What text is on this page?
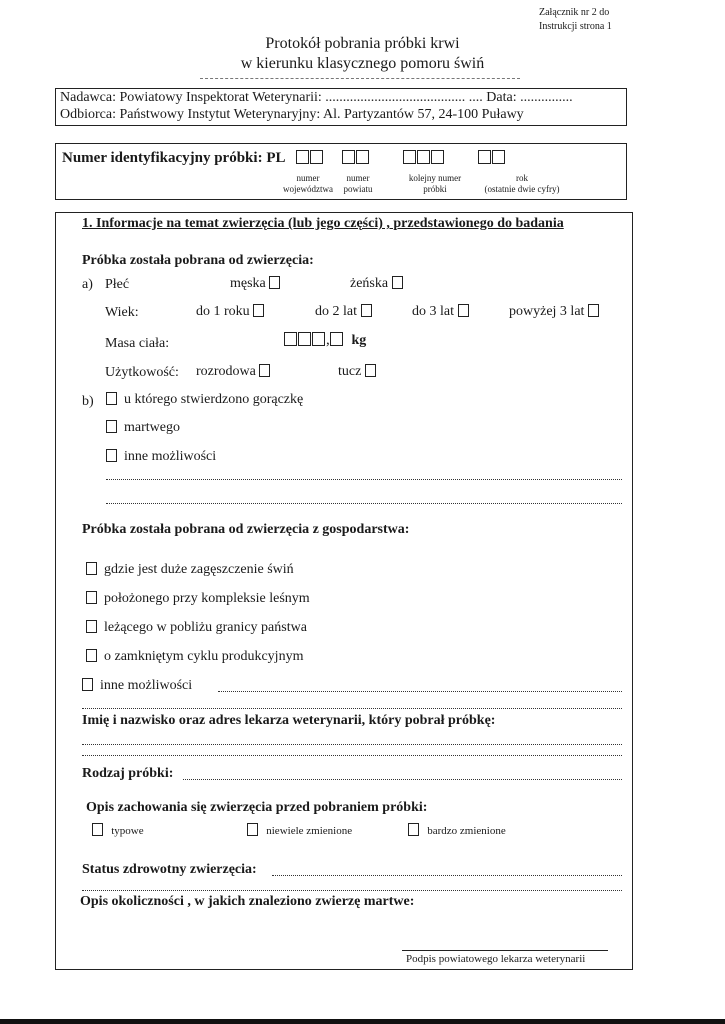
Załącznik nr 2 do
Instrukcji strona 1
Protokół pobrania próbki krwi
w kierunku klasycznego pomoru świń
Nadawca: Powiatowy Inspektorat Weterynarii: ........................................ .... Data: ...............
Odbiorca: Państwowy Instytut Weterynaryjny: Al. Partyzantów 57, 24-100 Puławy
Numer identyfikacyjny próbki: PL
numer
województwa
numer
powiatu
kolejny numer
próbki
rok
(ostatnie dwie cyfry)
1. Informacje na temat zwierzęcia (lub jego części) , przedstawionego do badania
Próbka została pobrana od zwierzęcia:
a) Płeć	męska	żeńska
Wiek:	do 1 roku	do 2 lat	do 3 lat	powyżej 3 lat
Masa ciała:	, kg
Użytkowość: rozrodowa	tucz
b)	u którego stwierdzono gorączkę
martwego
inne możliwości
Próbka została pobrana od zwierzęcia z gospodarstwa:
gdzie jest duże zagęszczenie świń
położonego przy kompleksie leśnym
leżącego w pobliżu granicy państwa
o zamkniętym cyklu produkcyjnym
inne możliwości
Imię i nazwisko oraz adres lekarza weterynarii, który pobrał próbkę:
Rodzaj próbki:
Opis zachowania się zwierzęcia przed pobraniem próbki:
typowe	niewiele zmienione	bardzo zmienione
Status zdrowotny zwierzęcia:
Opis okoliczności , w jakich znaleziono zwierzę martwe:
Podpis powiatowego lekarza weterynarii
